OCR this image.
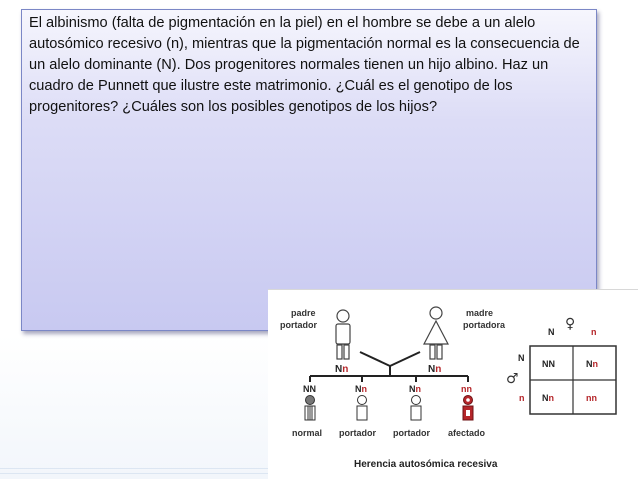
El albinismo (falta de pigmentación en la piel) en el hombre se debe a un alelo autosómico recesivo (n), mientras que la pigmentación normal es la consecuencia de un alelo dominante (N). Dos progenitores normales tienen un hijo albino. Haz un cuadro de Punnett que ilustre este matrimonio. ¿Cuál es el genotipo de los progenitores? ¿Cuáles son los posibles genotipos de los hijos?

padre
portador
Nn
madre
portadora
Nn
NN
normal
Nn
portador
Nn
portador
nn
afectado
N ♀ n
N
♂
n
NN	Nn
Nn	nn
Herencia autosómica recesiva
